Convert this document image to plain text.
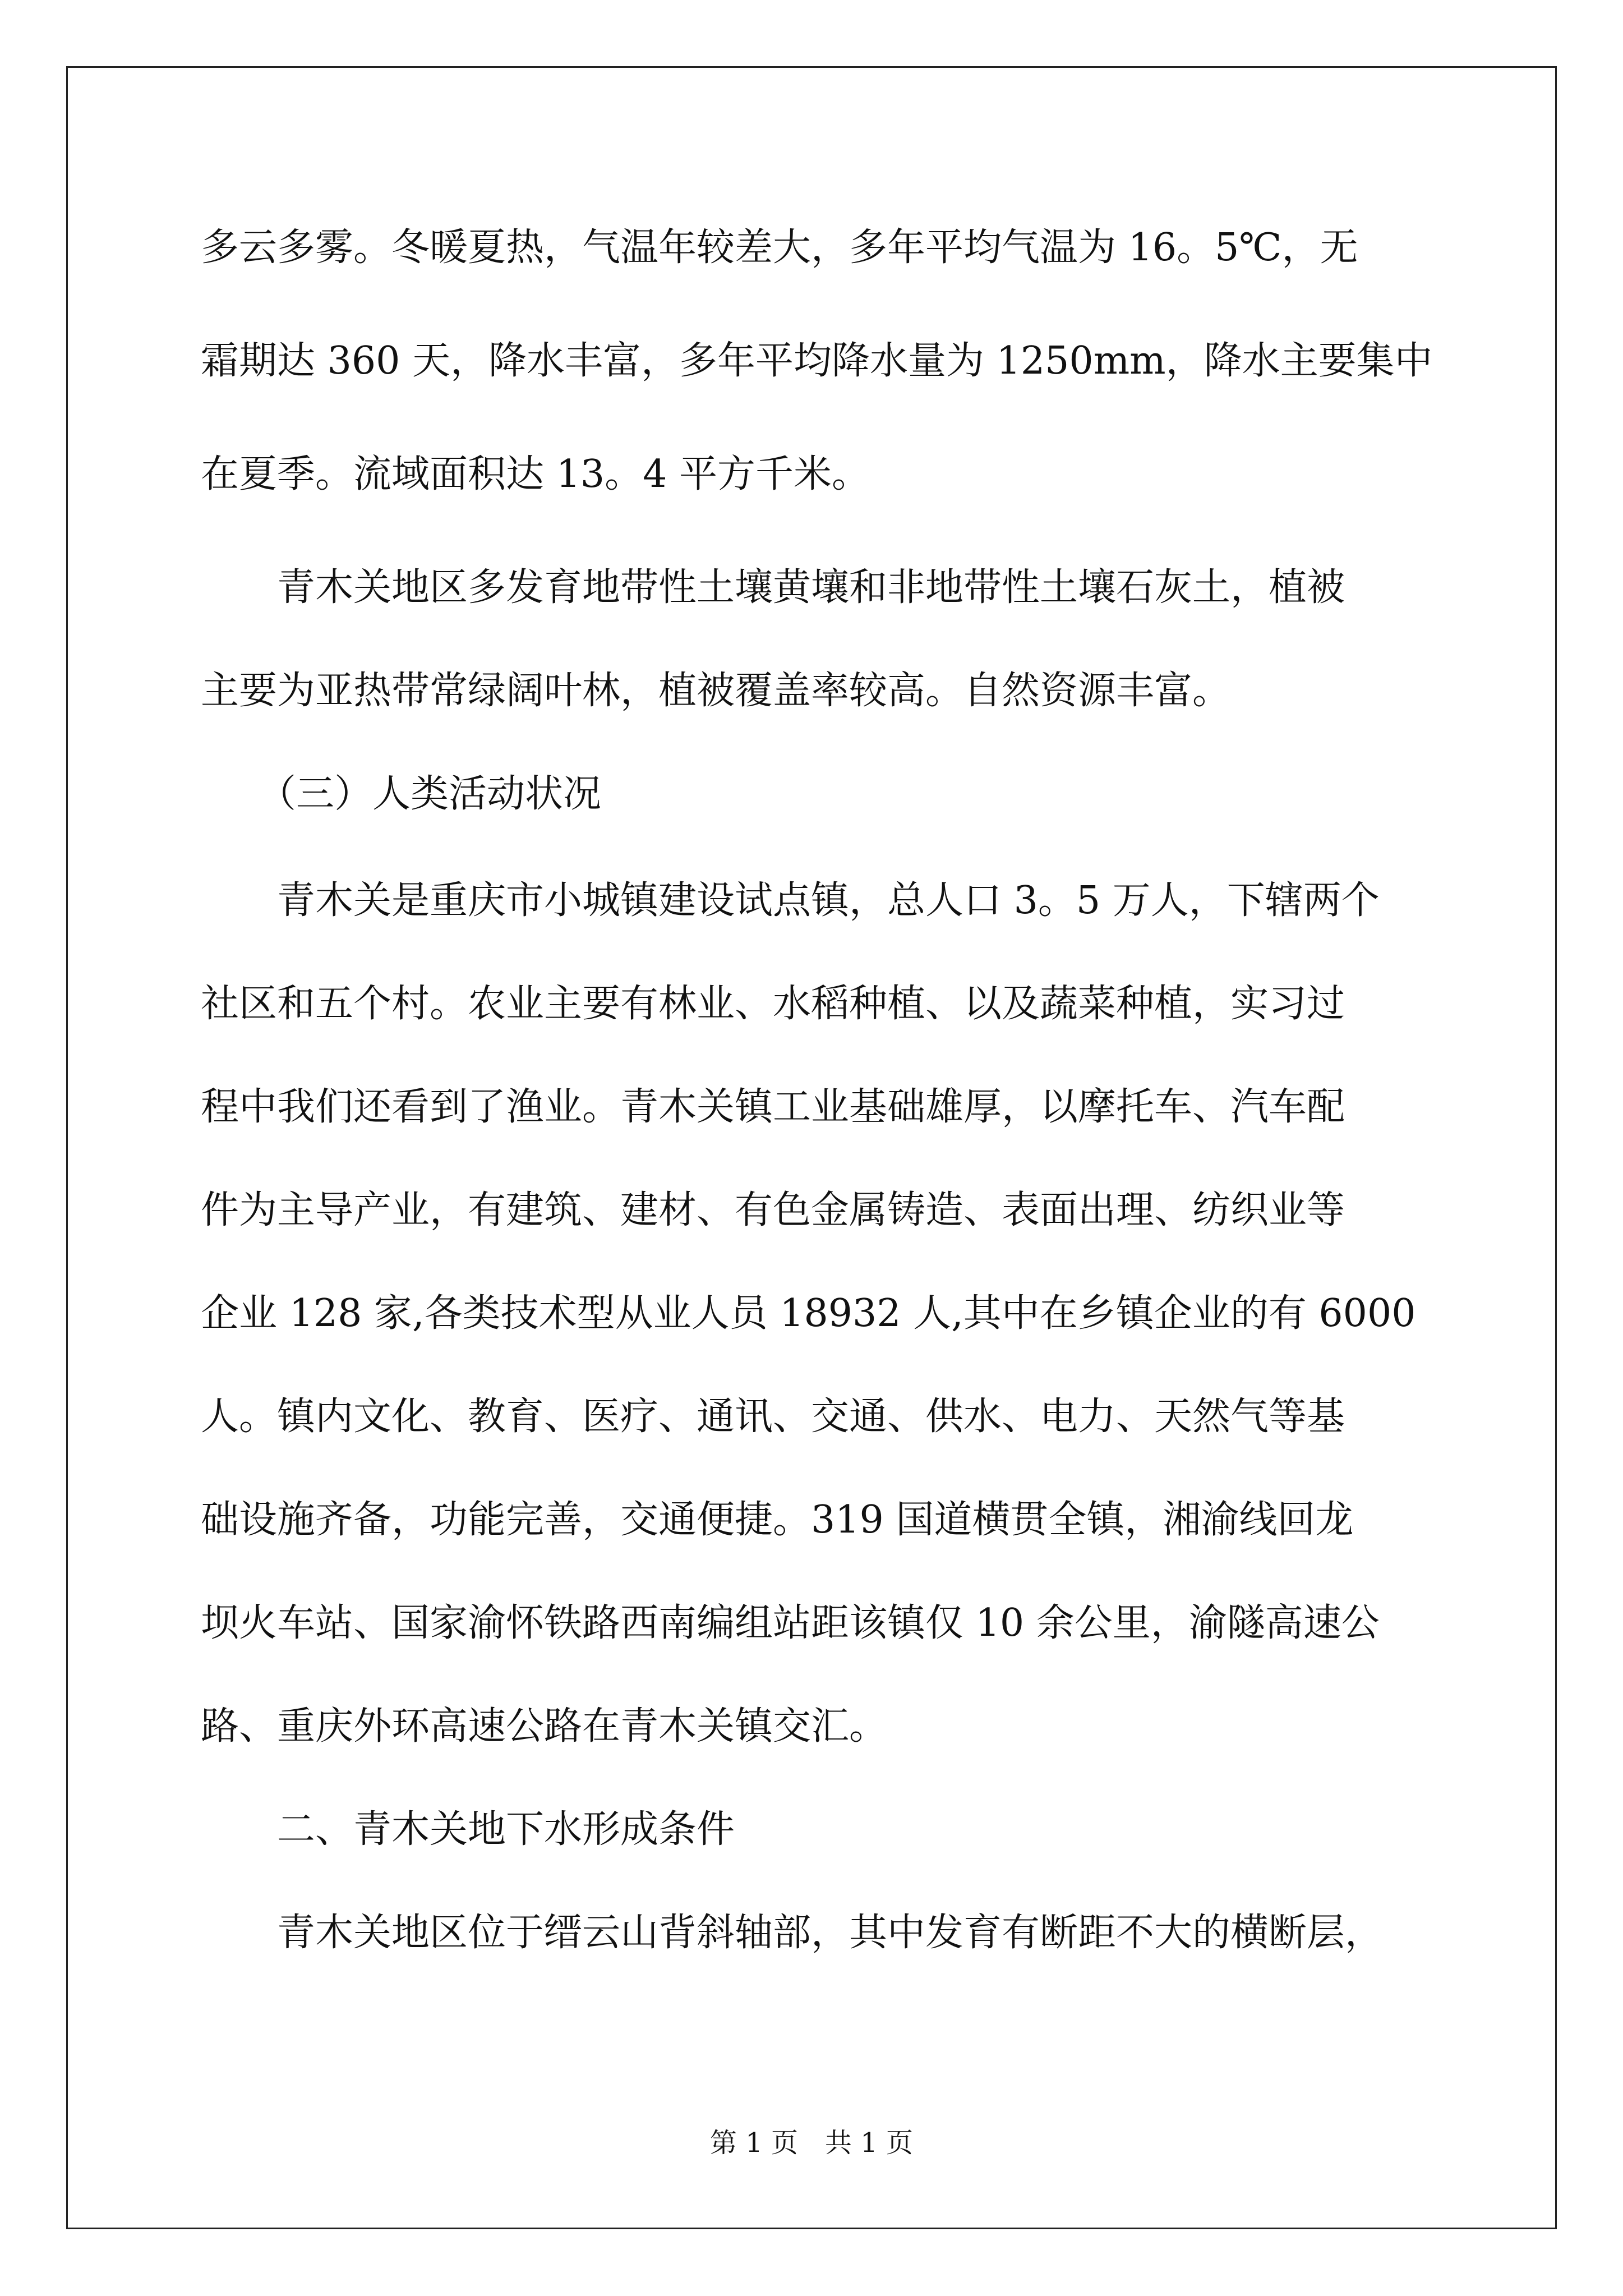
多云多雾。冬暖夏热，气温年较差大，多年平均气温为 16。5℃，无

霜期达 360 天，降水丰富，多年平均降水量为 1250mm，降水主要集中

在夏季。流域面积达 13。4 平方千米。

　　青木关地区多发育地带性土壤黄壤和非地带性土壤石灰土，植被

主要为亚热带常绿阔叶林，植被覆盖率较高。自然资源丰富。

　　（三）人类活动状况

　　青木关是重庆市小城镇建设试点镇，总人口 3。5 万人，下辖两个

社区和五个村。农业主要有林业、水稻种植、以及蔬菜种植，实习过

程中我们还看到了渔业。青木关镇工业基础雄厚，以摩托车、汽车配

件为主导产业，有建筑、建材、有色金属铸造、表面出理、纺织业等

企业 128 家,各类技术型从业人员 18932 人,其中在乡镇企业的有 6000

人。镇内文化、教育、医疗、通讯、交通、供水、电力、天然气等基

础设施齐备，功能完善，交通便捷。319 国道横贯全镇，湘渝线回龙

坝火车站、国家渝怀铁路西南编组站距该镇仅 10 余公里，渝隧高速公

路、重庆外环高速公路在青木关镇交汇。

　　二、青木关地下水形成条件

　　青木关地区位于缙云山背斜轴部，其中发育有断距不大的横断层，

第 1 页　共 1 页
